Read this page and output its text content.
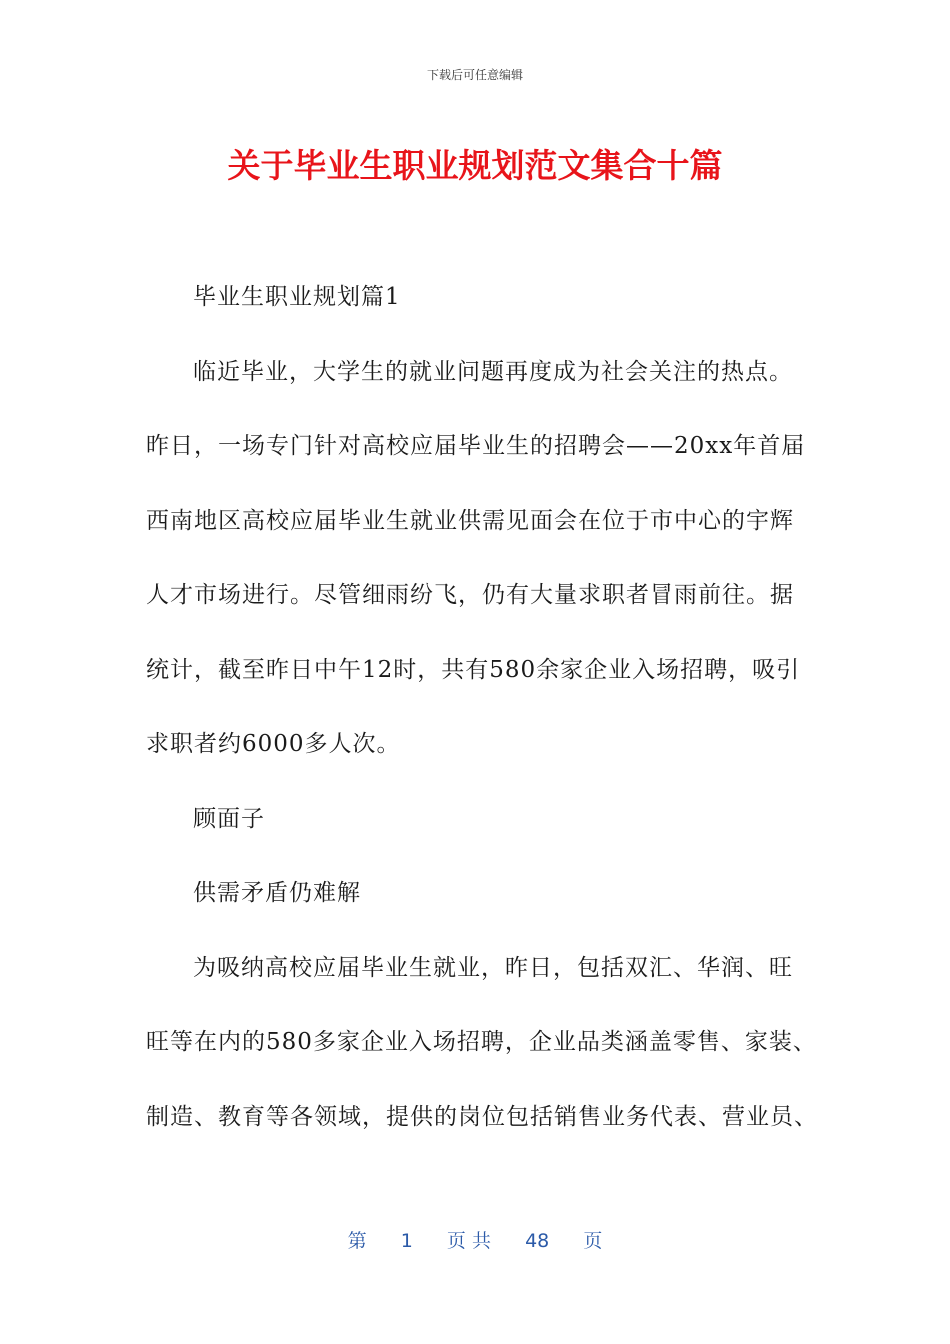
下载后可任意编辑
关于毕业生职业规划范文集合十篇
毕业生职业规划篇1
临近毕业，大学生的就业问题再度成为社会关注的热点。
昨日，一场专门针对高校应届毕业生的招聘会——20xx年首届
西南地区高校应届毕业生就业供需见面会在位于市中心的宇辉
人才市场进行。尽管细雨纷飞，仍有大量求职者冒雨前往。据
统计，截至昨日中午12时，共有580余家企业入场招聘，吸引
求职者约6000多人次。
顾面子
供需矛盾仍难解
为吸纳高校应届毕业生就业，昨日，包括双汇、华润、旺
旺等在内的580多家企业入场招聘，企业品类涵盖零售、家装、
制造、教育等各领域，提供的岗位包括销售业务代表、营业员、
第 1 页 共 48 页
